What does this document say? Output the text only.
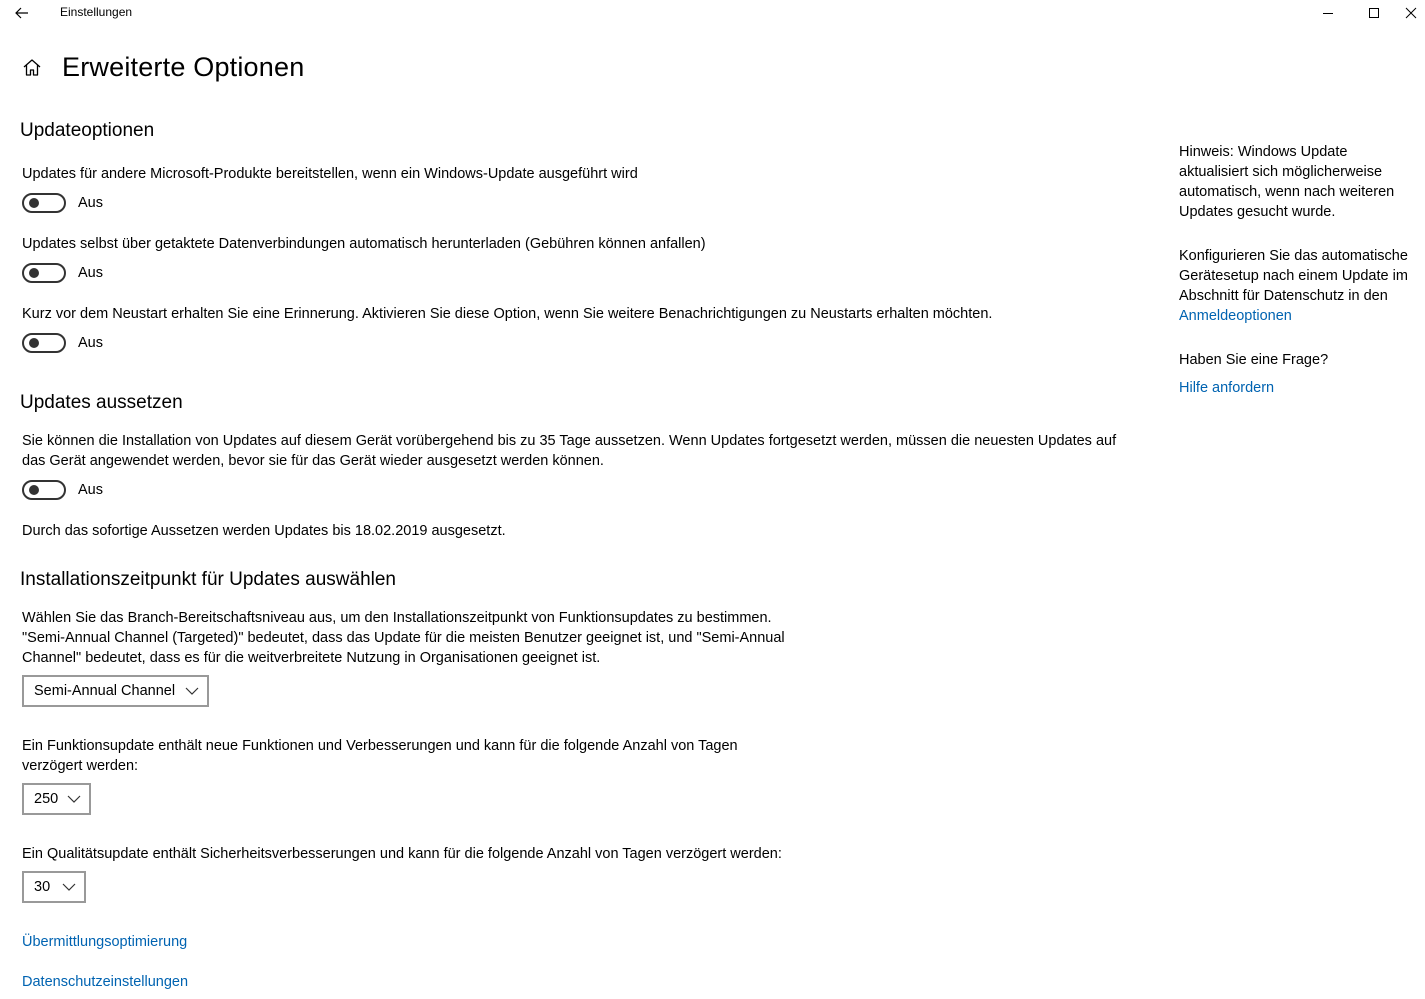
Einstellungen
Erweiterte Optionen
Updateoptionen
Updates für andere Microsoft-Produkte bereitstellen, wenn ein Windows-Update ausgeführt wird
Aus
Updates selbst über getaktete Datenverbindungen automatisch herunterladen (Gebühren können anfallen)
Aus
Kurz vor dem Neustart erhalten Sie eine Erinnerung. Aktivieren Sie diese Option, wenn Sie weitere Benachrichtigungen zu Neustarts erhalten möchten.
Aus
Updates aussetzen
Sie können die Installation von Updates auf diesem Gerät vorübergehend bis zu 35 Tage aussetzen. Wenn Updates fortgesetzt werden, müssen die neuesten Updates auf
das Gerät angewendet werden, bevor sie für das Gerät wieder ausgesetzt werden können.
Aus
Durch das sofortige Aussetzen werden Updates bis 18.02.2019 ausgesetzt.
Installationszeitpunkt für Updates auswählen
Wählen Sie das Branch-Bereitschaftsniveau aus, um den Installationszeitpunkt von Funktionsupdates zu bestimmen.
"Semi-Annual Channel (Targeted)" bedeutet, dass das Update für die meisten Benutzer geeignet ist, und "Semi-Annual
Channel" bedeutet, dass es für die weitverbreitete Nutzung in Organisationen geeignet ist.
Semi-Annual Channel
Ein Funktionsupdate enthält neue Funktionen und Verbesserungen und kann für die folgende Anzahl von Tagen
verzögert werden:
250
Ein Qualitätsupdate enthält Sicherheitsverbesserungen und kann für die folgende Anzahl von Tagen verzögert werden:
30
Übermittlungsoptimierung
Datenschutzeinstellungen
Hinweis: Windows Update
aktualisiert sich möglicherweise
automatisch, wenn nach weiteren
Updates gesucht wurde.
Konfigurieren Sie das automatische
Gerätesetup nach einem Update im
Abschnitt für Datenschutz in den
Anmeldeoptionen
Haben Sie eine Frage?
Hilfe anfordern
